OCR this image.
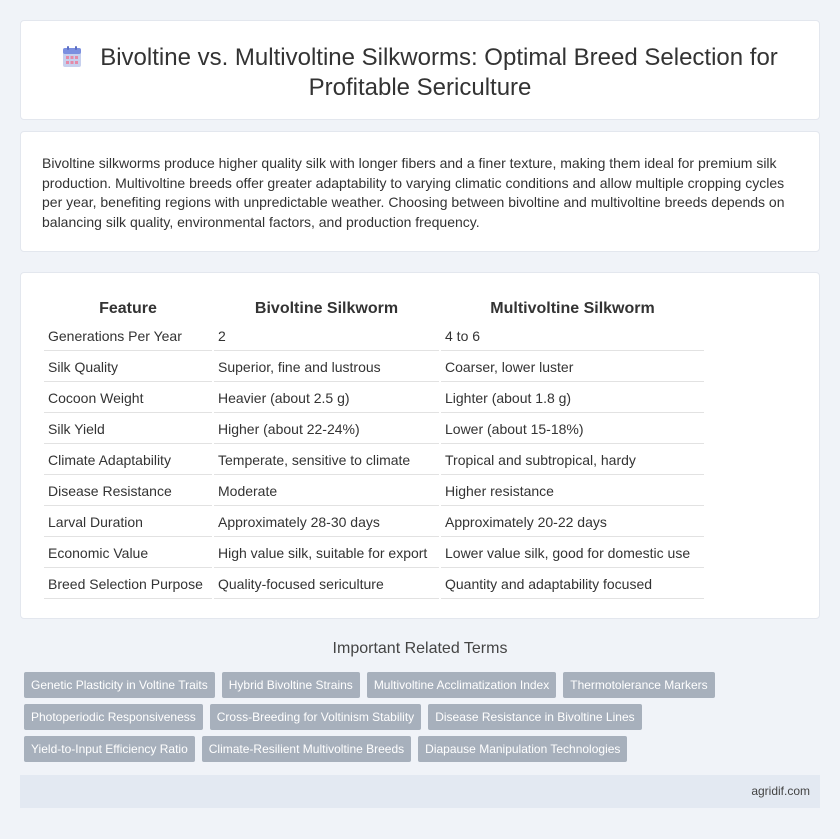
Bivoltine vs. Multivoltine Silkworms: Optimal Breed Selection for Profitable Sericulture

Bivoltine silkworms produce higher quality silk with longer fibers and a finer texture, making them ideal for premium silk production. Multivoltine breeds offer greater adaptability to varying climatic conditions and allow multiple cropping cycles per year, benefiting regions with unpredictable weather. Choosing between bivoltine and multivoltine breeds depends on balancing silk quality, environmental factors, and production frequency.

Feature	Bivoltine Silkworm	Multivoltine Silkworm
Generations Per Year	2	4 to 6
Silk Quality	Superior, fine and lustrous	Coarser, lower luster
Cocoon Weight	Heavier (about 2.5 g)	Lighter (about 1.8 g)
Silk Yield	Higher (about 22-24%)	Lower (about 15-18%)
Climate Adaptability	Temperate, sensitive to climate	Tropical and subtropical, hardy
Disease Resistance	Moderate	Higher resistance
Larval Duration	Approximately 28-30 days	Approximately 20-22 days
Economic Value	High value silk, suitable for export	Lower value silk, good for domestic use
Breed Selection Purpose	Quality-focused sericulture	Quantity and adaptability focused
Important Related Terms
Genetic Plasticity in Voltine Traits	Hybrid Bivoltine Strains	Multivoltine Acclimatization Index	Thermotolerance Markers
Photoperiodic Responsiveness	Cross-Breeding for Voltinism Stability	Disease Resistance in Bivoltine Lines
Yield-to-Input Efficiency Ratio	Climate-Resilient Multivoltine Breeds	Diapause Manipulation Technologies
agridif.com
